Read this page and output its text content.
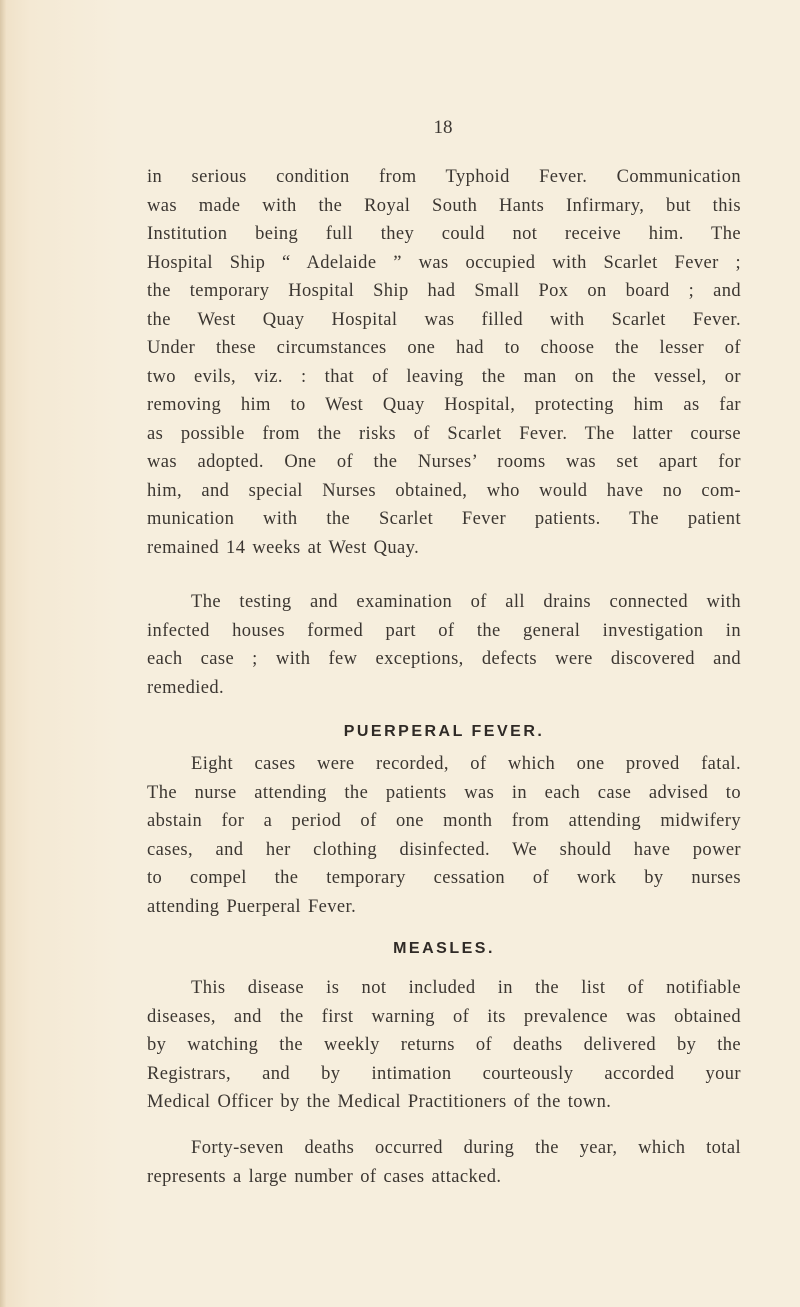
18
in serious condition from Typhoid Fever. Communication
was made with the Royal South Hants Infirmary, but this
Institution being full they could not receive him. The
Hospital Ship “ Adelaide ” was occupied with Scarlet Fever ;
the temporary Hospital Ship had Small Pox on board ; and
the West Quay Hospital was filled with Scarlet Fever.
Under these circumstances one had to choose the lesser of
two evils, viz. : that of leaving the man on the vessel, or
removing him to West Quay Hospital, protecting him as far
as possible from the risks of Scarlet Fever. The latter course
was adopted. One of the Nurses’ rooms was set apart for
him, and special Nurses obtained, who would have no com-
munication with the Scarlet Fever patients. The patient
remained 14 weeks at West Quay.
The testing and examination of all drains connected with
infected houses formed part of the general investigation in
each case ; with few exceptions, defects were discovered and
remedied.
PUERPERAL FEVER.
Eight cases were recorded, of which one proved fatal.
The nurse attending the patients was in each case advised to
abstain for a period of one month from attending midwifery
cases, and her clothing disinfected. We should have power
to compel the temporary cessation of work by nurses
attending Puerperal Fever.
MEASLES.
This disease is not included in the list of notifiable
diseases, and the first warning of its prevalence was obtained
by watching the weekly returns of deaths delivered by the
Registrars, and by intimation courteously accorded your
Medical Officer by the Medical Practitioners of the town.
Forty-seven deaths occurred during the year, which total
represents a large number of cases attacked.
